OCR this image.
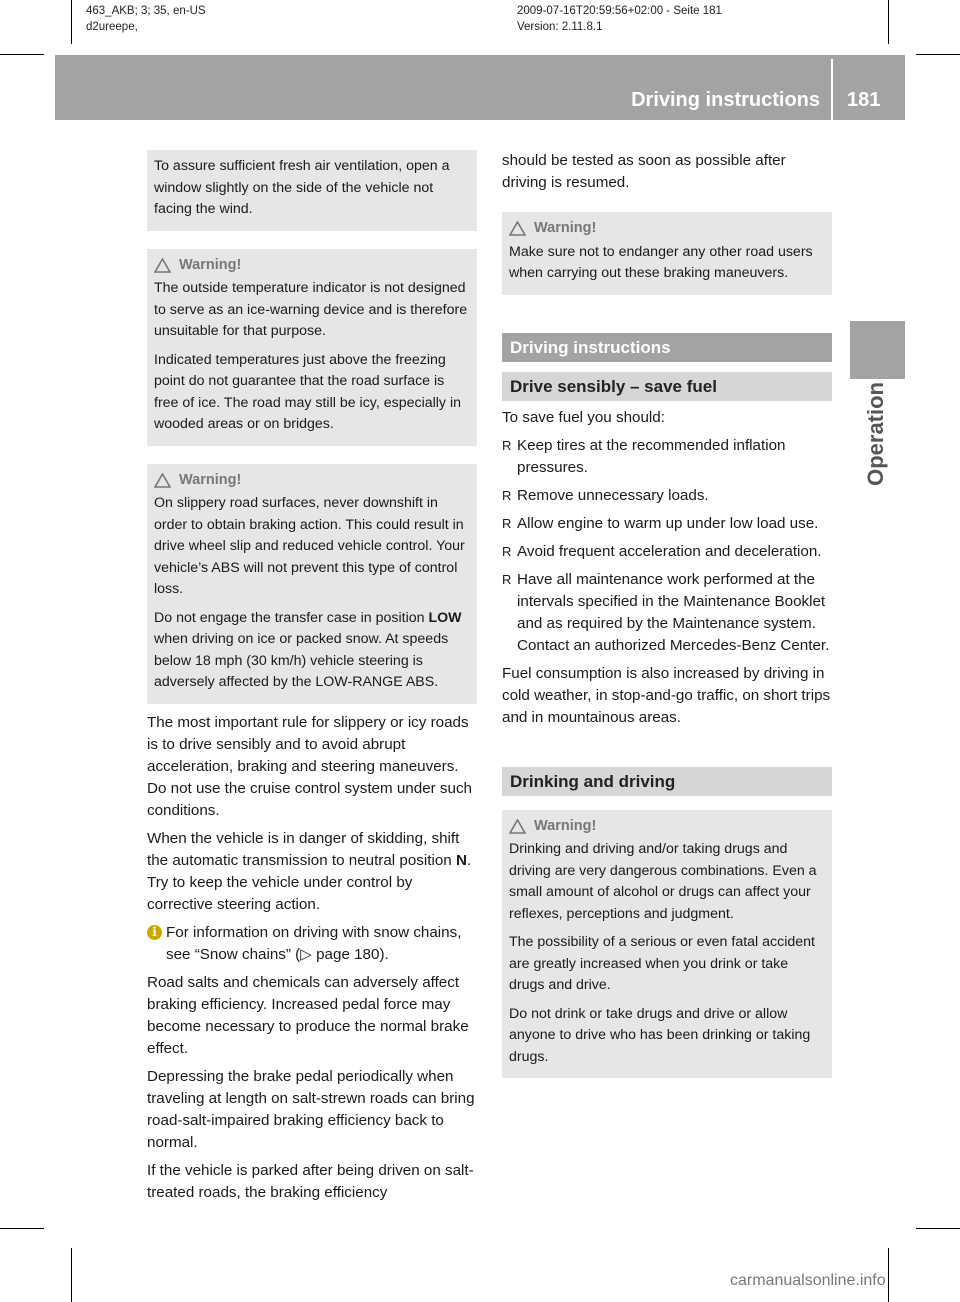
463_AKB; 3; 35, en-US
d2ureepe,
2009-07-16T20:59:56+02:00 - Seite 181
Version: 2.11.8.1
Driving instructions 181
Operation

To assure sufficient fresh air ventilation, open a window slightly on the side of the vehicle not facing the wind.

Warning!

The outside temperature indicator is not designed to serve as an ice-warning device and is therefore unsuitable for that purpose.

Indicated temperatures just above the freezing point do not guarantee that the road surface is free of ice. The road may still be icy, especially in wooded areas or on bridges.

Warning!

On slippery road surfaces, never downshift in order to obtain braking action. This could result in drive wheel slip and reduced vehicle control. Your vehicle’s ABS will not prevent this type of control loss.

Do not engage the transfer case in position LOW when driving on ice or packed snow. At speeds below 18 mph (30 km/h) vehicle steering is adversely affected by the LOW-RANGE ABS.

The most important rule for slippery or icy roads is to drive sensibly and to avoid abrupt acceleration, braking and steering maneuvers. Do not use the cruise control system under such conditions.

When the vehicle is in danger of skidding, shift the automatic transmission to neutral position N. Try to keep the vehicle under control by corrective steering action.

i For information on driving with snow chains, see “Snow chains” (▷ page 180).

Road salts and chemicals can adversely affect braking efficiency. Increased pedal force may become necessary to produce the normal brake effect.

Depressing the brake pedal periodically when traveling at length on salt-strewn roads can bring road-salt-impaired braking efficiency back to normal.

If the vehicle is parked after being driven on salt-treated roads, the braking efficiency

should be tested as soon as possible after driving is resumed.

Warning!

Make sure not to endanger any other road users when carrying out these braking maneuvers.

Driving instructions
Drive sensibly – save fuel

To save fuel you should:

R Keep tires at the recommended inflation pressures.
R Remove unnecessary loads.
R Allow engine to warm up under low load use.
R Avoid frequent acceleration and deceleration.
R Have all maintenance work performed at the intervals specified in the Maintenance Booklet and as required by the Maintenance system. Contact an authorized Mercedes-Benz Center.

Fuel consumption is also increased by driving in cold weather, in stop-and-go traffic, on short trips and in mountainous areas.

Drinking and driving
Warning!

Drinking and driving and/or taking drugs and driving are very dangerous combinations. Even a small amount of alcohol or drugs can affect your reflexes, perceptions and judgment.

The possibility of a serious or even fatal accident are greatly increased when you drink or take drugs and drive.

Do not drink or take drugs and drive or allow anyone to drive who has been drinking or taking drugs.

carmanualsonline.info
